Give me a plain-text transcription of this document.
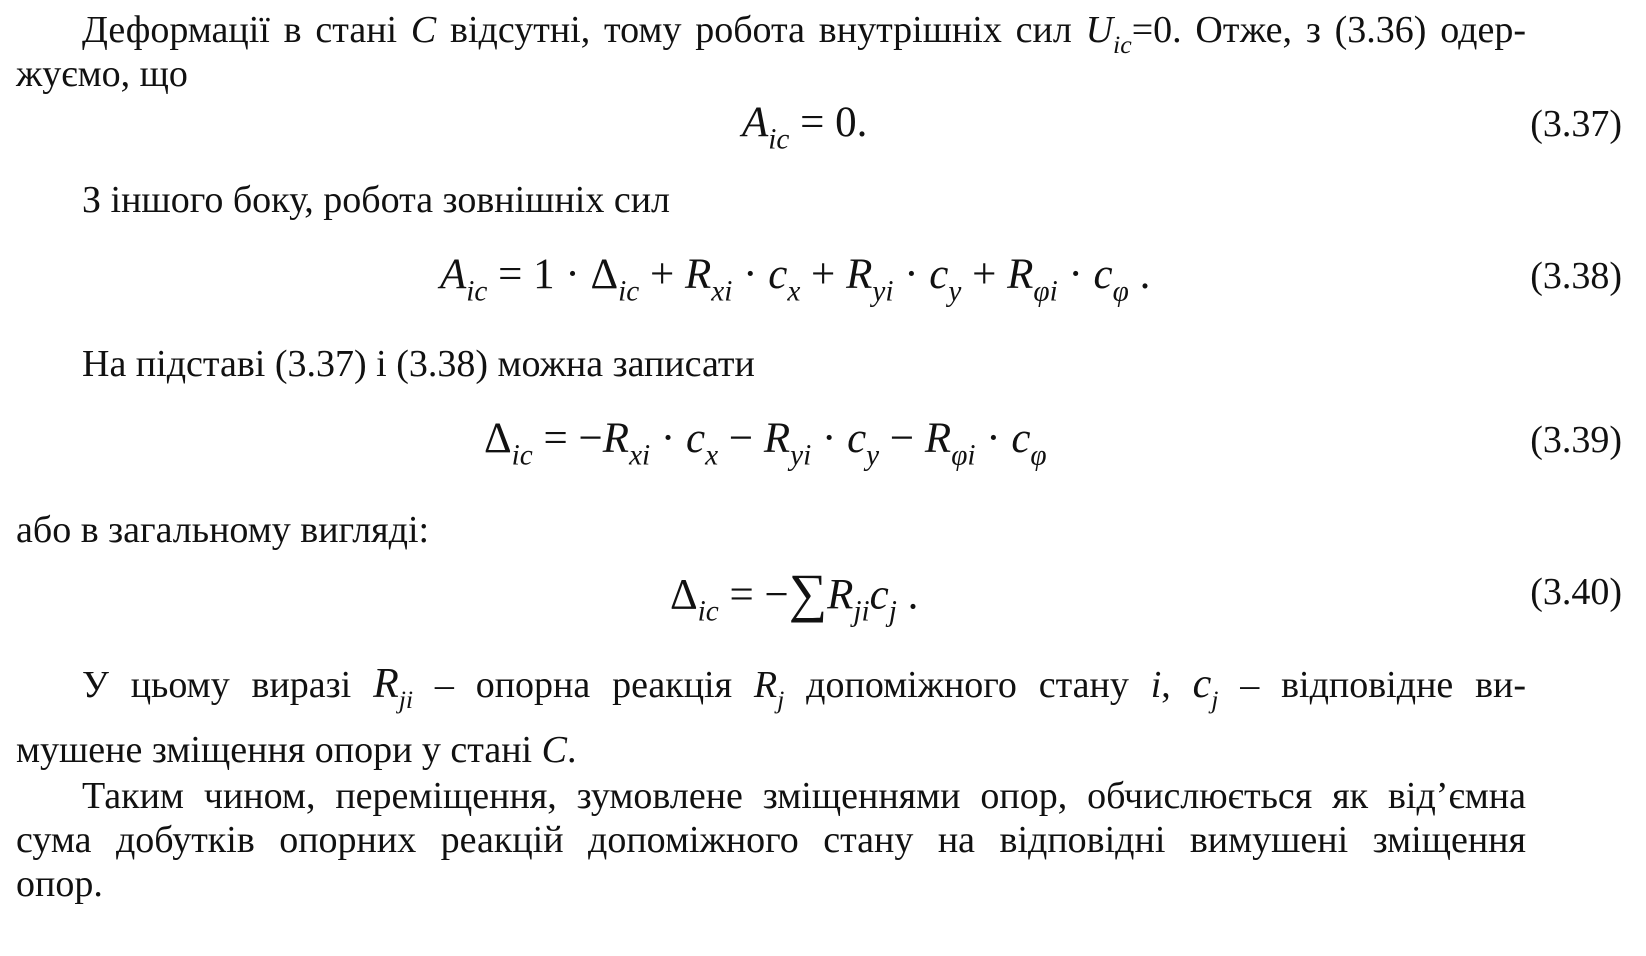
Деформації в стані C відсутні, тому робота внутрішніх сил $U_{ic}=0$. Отже, з (3.36) одер-
жуємо, що
$A_{ic} = 0$.	(3.37)
З іншого боку, робота зовнішніх сил
$A_{ic} = 1 \cdot \Delta_{ic} + R_{xi} \cdot c_x + R_{yi} \cdot c_y + R_{\varphi i} \cdot c_\varphi$ .	(3.38)
На підставі (3.37) і (3.38) можна записати
$\Delta_{ic} = -R_{xi} \cdot c_x - R_{yi} \cdot c_y - R_{\varphi i} \cdot c_\varphi$	(3.39)
або в загальному вигляді:
$\Delta_{ic} = -\sum R_{ji}c_j$ .	(3.40)
У цьому виразі $R_{ji}$ – опорна реакція $R_j$ допоміжного стану i, $c_j$ – відповідне ви-
мушене зміщення опори у стані C.
Таким чином, переміщення, зумовлене зміщеннями опор, обчислюється як від’ємна
сума добутків опорних реакцій допоміжного стану на відповідні вимушені зміщення
опор.
